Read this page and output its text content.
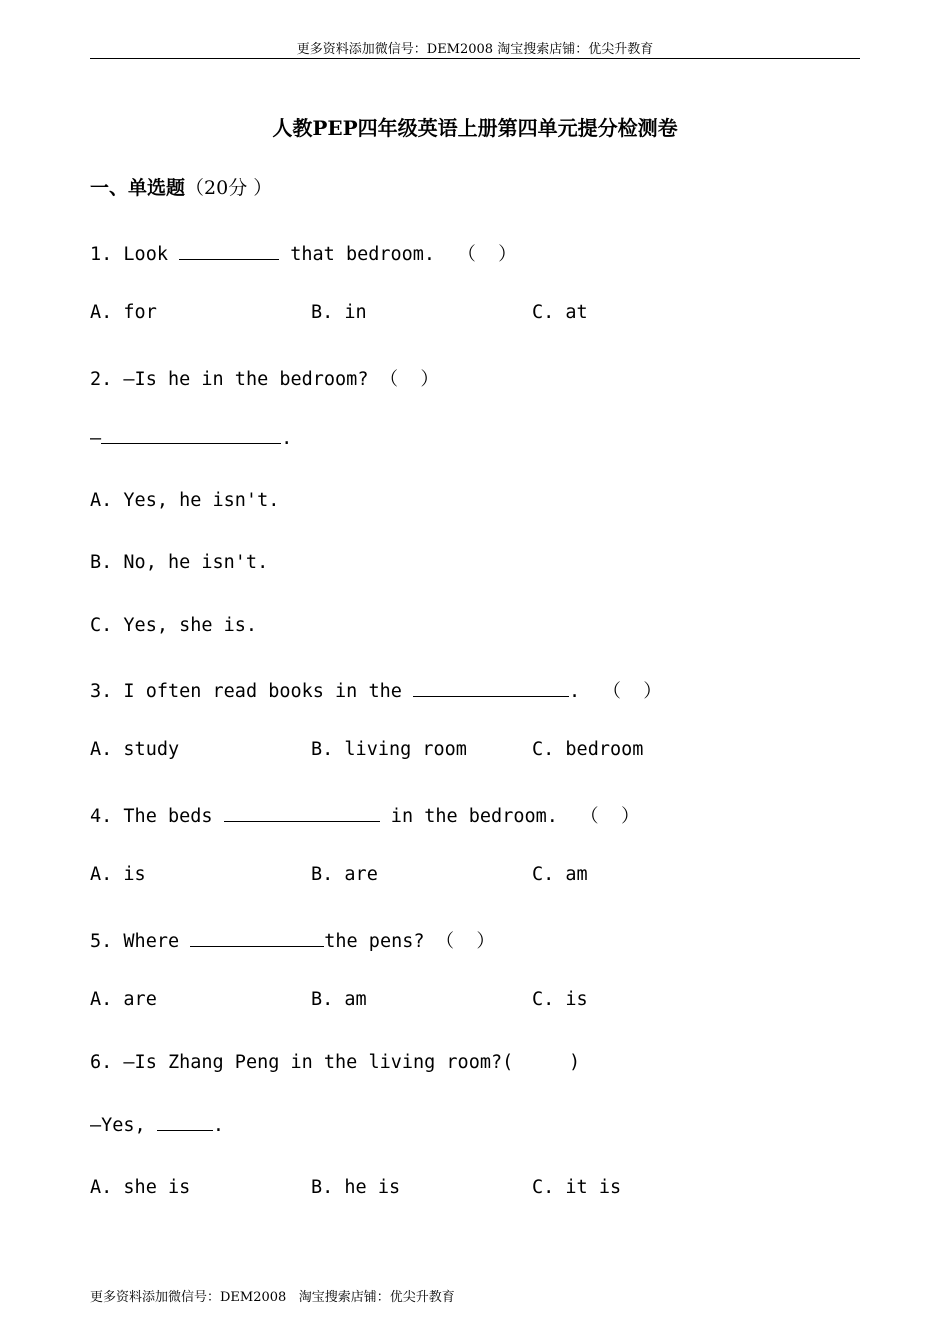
更多资料添加微信号：DEM2008 淘宝搜索店铺：优尖升教育
人教PEP四年级英语上册第四单元提分检测卷
一、单选题（20分 ）
1. Look	that bedroom. （  ）
A. for	B. in	C. at
2. —Is he in the bedroom? （  ）
—	.
A. Yes, he isn't.
B. No, he isn't.
C. Yes, she is.
3. I often read books in the	. （  ）
A. study	B. living room	C. bedroom
4. The beds	in the bedroom. （  ）
A. is	B. are	C. am
5. Where	the pens? （  ）
A. are	B. am	C. is
6. —Is Zhang Peng in the living room?(     )
—Yes,	.
A. she is	B. he is	C. it is
更多资料添加微信号：DEM2008   淘宝搜索店铺：优尖升教育
